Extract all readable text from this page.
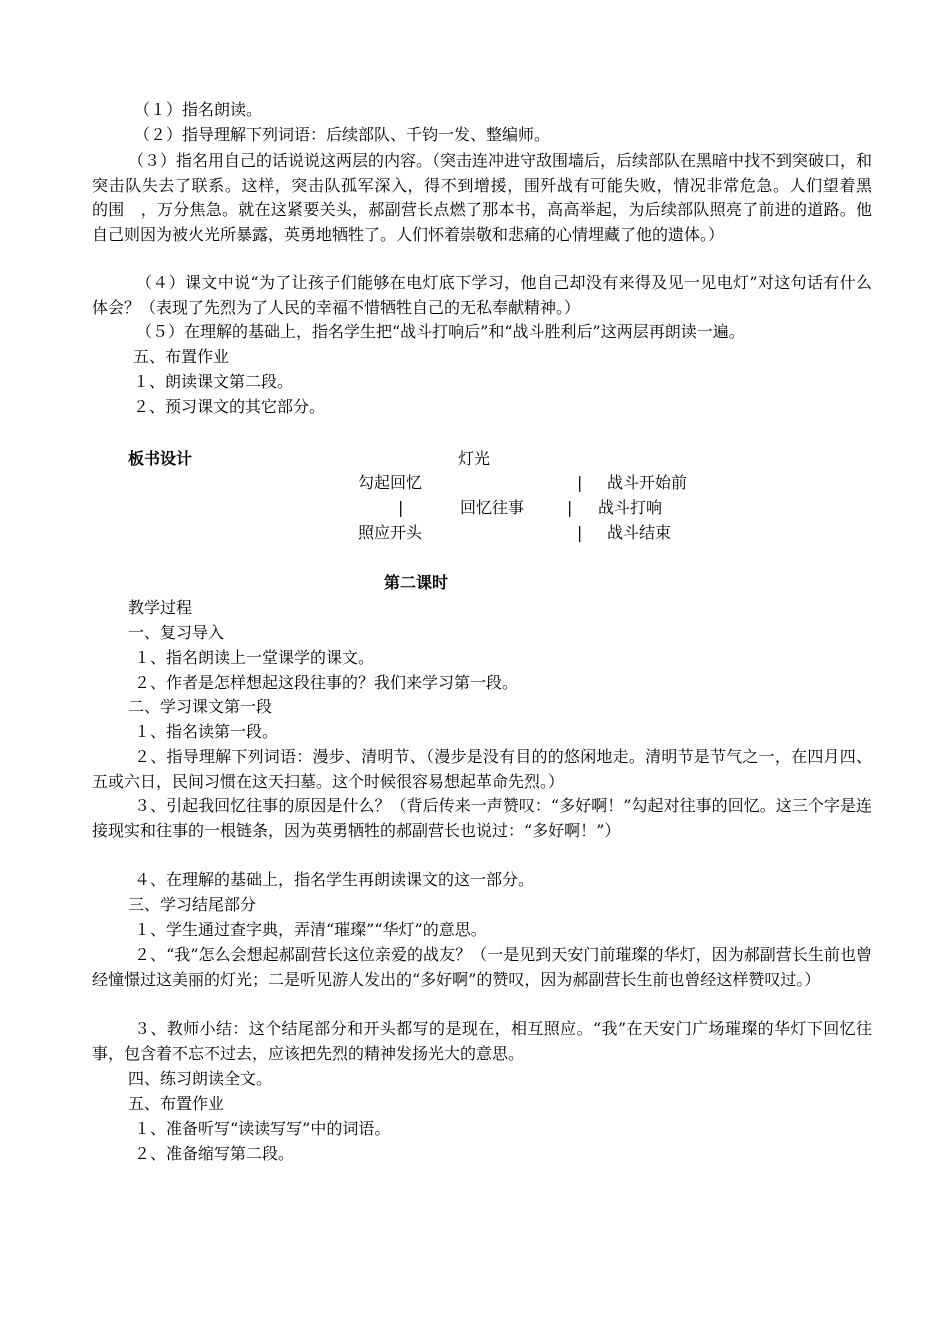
（１）指名朗读。
（２）指导理解下列词语：后续部队、千钧一发、整编师。
（３）指名用自己的话说说这两层的内容。（突击连冲进守敌围墙后，后续部队在黑暗中找不到突破口，和突击队失去了联系。这样，突击队孤军深入，得不到增援，围歼战有可能失败，情况非常危急。人们望着黑　　的围　，万分焦急。就在这紧要关头，郝副营长点燃了那本书，高高举起，为后续部队照亮了前进的道路。他自己则因为被火光所暴露，英勇地牺牲了。人们怀着崇敬和悲痛的心情埋藏了他的遗体。）
（４）课文中说“为了让孩子们能够在电灯底下学习，他自己却没有来得及见一见电灯”对这句话有什么体会？（表现了先烈为了人民的幸福不惜牺牲自己的无私奉献精神。）
（５）在理解的基础上，指名学生把“战斗打响后”和“战斗胜利后”这两层再朗读一遍。
五、布置作业
１、朗读课文第二段。
２、预习课文的其它部分。
板书设计	灯光
勾起回忆	| 战斗开始前
|	回忆往事	| 战斗打响
照应开头	| 战斗结束
第二课时
教学过程
一、复习导入
１、指名朗读上一堂课学的课文。
２、作者是怎样想起这段往事的？我们来学习第一段。
二、学习课文第一段
１、指名读第一段。
２、指导理解下列词语：漫步、清明节、（漫步是没有目的的悠闲地走。清明节是节气之一，在四月四、五或六日，民间习惯在这天扫墓。这个时候很容易想起革命先烈。）
３、引起我回忆往事的原因是什么？（背后传来一声赞叹：“多好啊！”勾起对往事的回忆。这三个字是连接现实和往事的一根链条，因为英勇牺牲的郝副营长也说过：“多好啊！”）
４、在理解的基础上，指名学生再朗读课文的这一部分。
三、学习结尾部分
１、学生通过查字典，弄清“璀璨”“华灯”的意思。
２、“我”怎么会想起郝副营长这位亲爱的战友？（一是见到天安门前璀璨的华灯，因为郝副营长生前也曾经憧憬过这美丽的灯光；二是听见游人发出的“多好啊”的赞叹，因为郝副营长生前也曾经这样赞叹过。）
３、教师小结：这个结尾部分和开头都写的是现在，相互照应。“我”在天安门广场璀璨的华灯下回忆往事，包含着不忘不过去，应该把先烈的精神发扬光大的意思。
四、练习朗读全文。
五、布置作业
１、准备听写“读读写写”中的词语。
２、准备缩写第二段。
